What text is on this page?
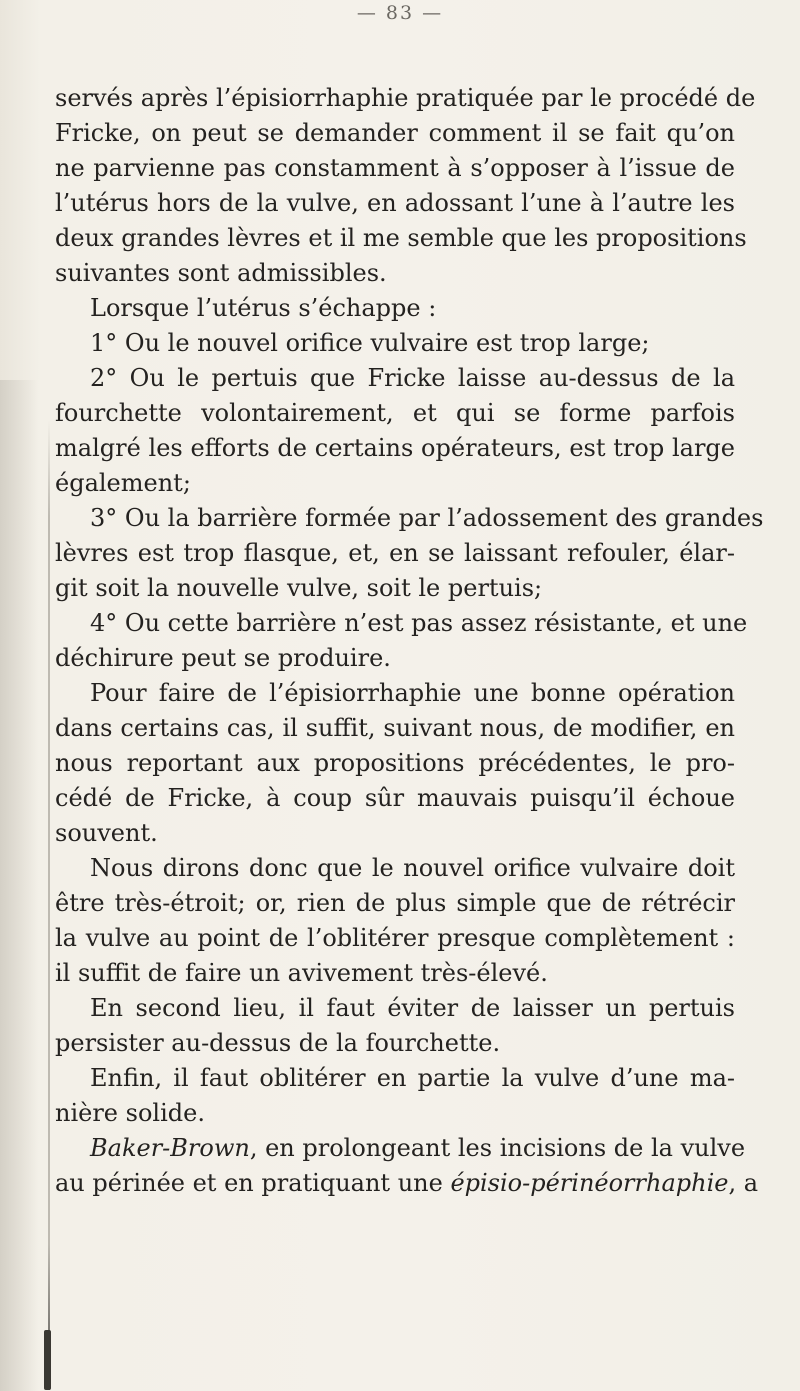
— 83 —
servés après l’épisiorrhaphie pratiquée par le procédé de
Fricke, on peut se demander comment il se fait qu’on
ne parvienne pas constamment à s’opposer à l’issue de
l’utérus hors de la vulve, en adossant l’une à l’autre les
deux grandes lèvres et il me semble que les propositions
suivantes sont admissibles.
Lorsque l’utérus s’échappe :
1° Ou le nouvel orifice vulvaire est trop large;
2° Ou le pertuis que Fricke laisse au-dessus de la
fourchette volontairement, et qui se forme parfois
malgré les efforts de certains opérateurs, est trop large
également;
3° Ou la barrière formée par l’adossement des grandes
lèvres est trop flasque, et, en se laissant refouler, élar-
git soit la nouvelle vulve, soit le pertuis;
4° Ou cette barrière n’est pas assez résistante, et une
déchirure peut se produire.
Pour faire de l’épisiorrhaphie une bonne opération
dans certains cas, il suffit, suivant nous, de modifier, en
nous reportant aux propositions précédentes, le pro-
cédé de Fricke, à coup sûr mauvais puisqu’il échoue
souvent.
Nous dirons donc que le nouvel orifice vulvaire doit
être très-étroit; or, rien de plus simple que de rétrécir
la vulve au point de l’oblitérer presque complètement :
il suffit de faire un avivement très-élevé.
En second lieu, il faut éviter de laisser un pertuis
persister au-dessus de la fourchette.
Enfin, il faut oblitérer en partie la vulve d’une ma-
nière solide.
Baker-Brown, en prolongeant les incisions de la vulve
au périnée et en pratiquant une épisio-périnéorrhaphie, a
